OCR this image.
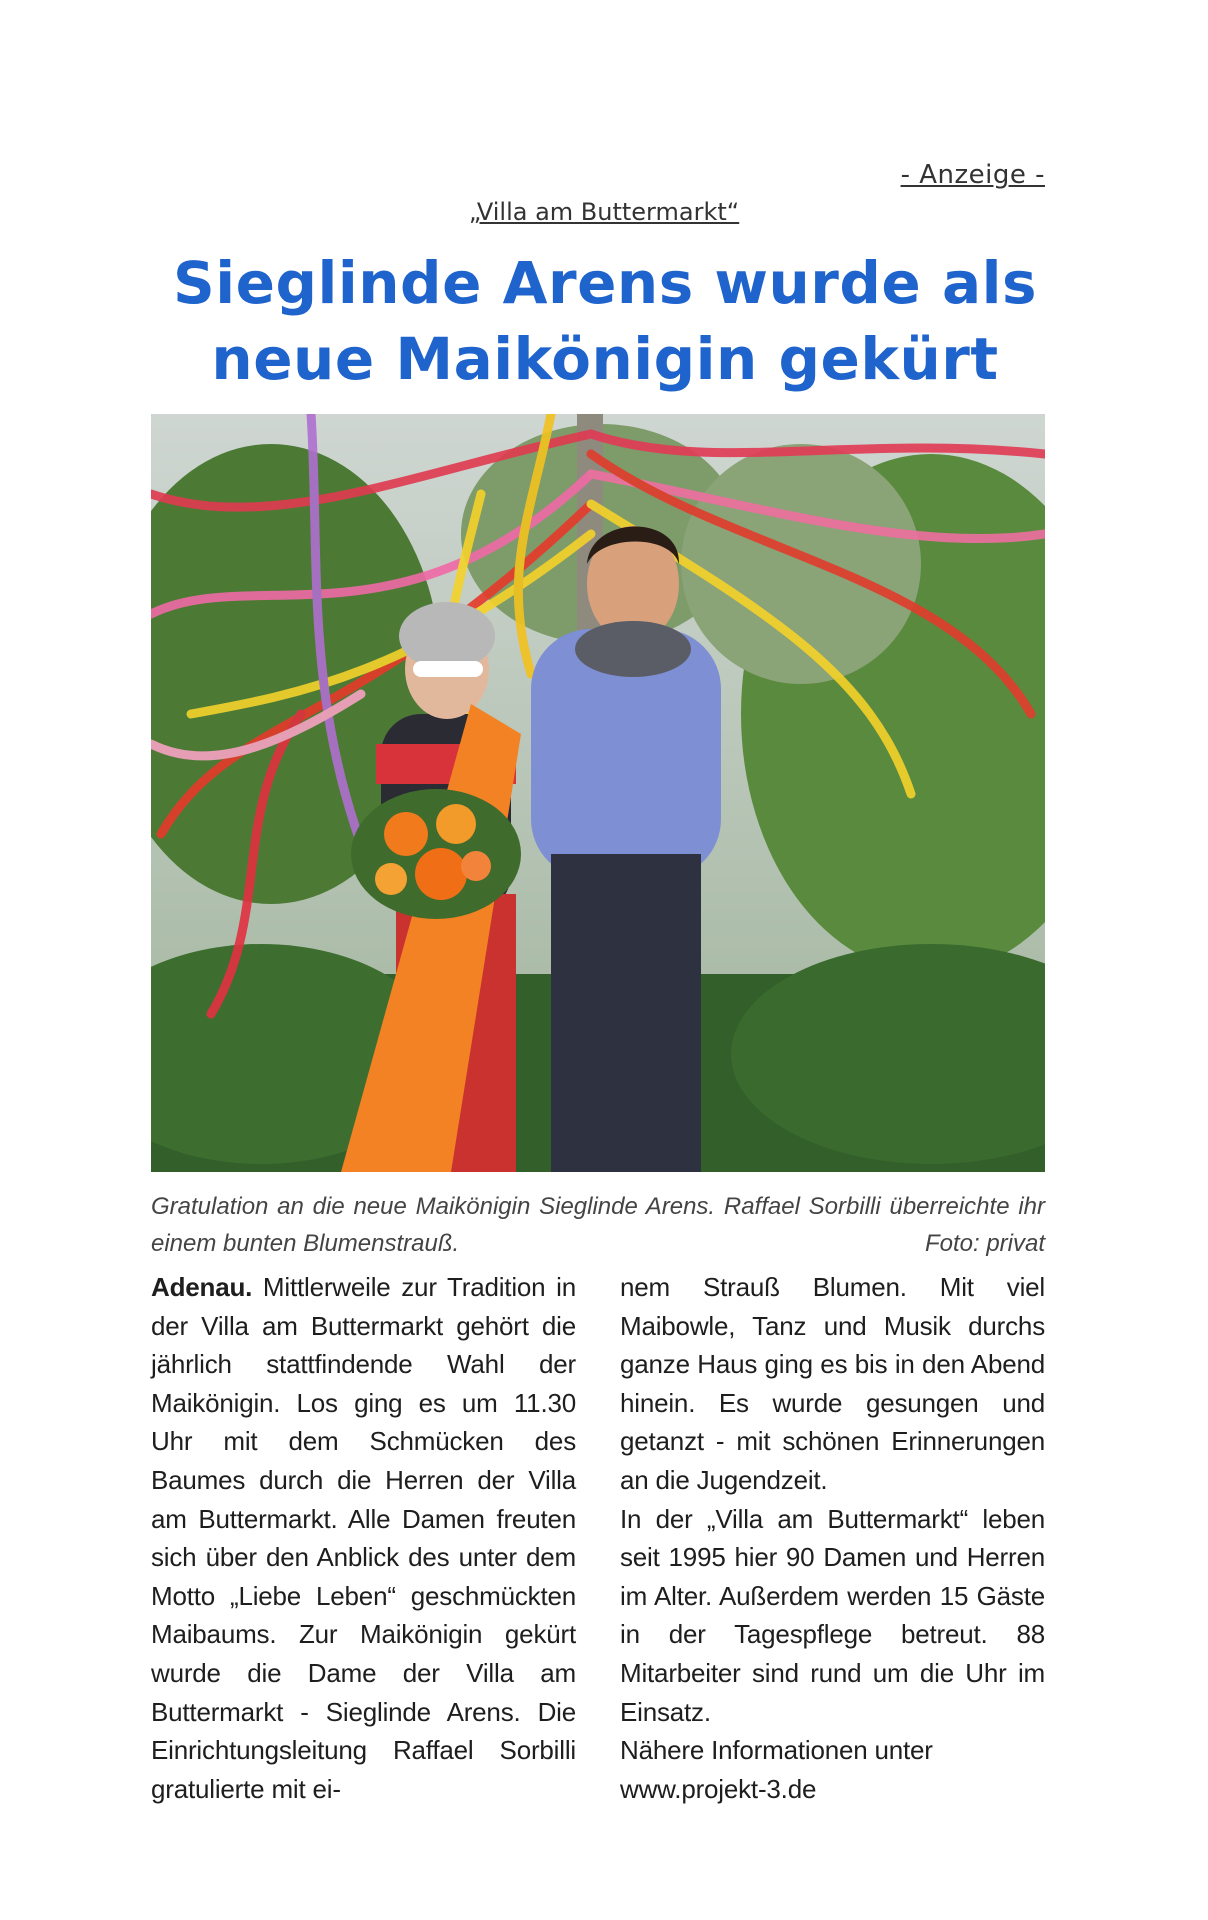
- Anzeige -
„Villa am Buttermarkt“
Sieglinde Arens wurde als
neue Maikönigin gekürt
Gratulation an die neue Maikönigin Sieglinde Arens. Raffael Sorbilli überreichte ihr einem bunten Blumenstrauß.	Foto: privat

Adenau. Mittlerweile zur Tradition in der Villa am Buttermarkt gehört die jährlich stattfindende Wahl der Maikönigin. Los ging es um 11.30 Uhr mit dem Schmücken des Baumes durch die Herren der Villa am Buttermarkt. Alle Damen freuten sich über den Anblick des unter dem Motto „Liebe Leben“ geschmückten Maibaums. Zur Maikönigin gekürt wurde die Dame der Villa am Buttermarkt - Sieglinde Arens. Die Einrichtungsleitung Raffael Sorbilli gratulierte mit ei-

nem Strauß Blumen. Mit viel Maibowle, Tanz und Musik durchs ganze Haus ging es bis in den Abend hinein. Es wurde gesungen und getanzt - mit schönen Erinnerungen an die Jugendzeit.

In der „Villa am Buttermarkt“ leben seit 1995 hier 90 Damen und Herren im Alter. Außerdem werden 15 Gäste in der Tagespflege betreut. 88 Mitarbeiter sind rund um die Uhr im Einsatz.

Nähere Informationen unter

www.projekt-3.de
